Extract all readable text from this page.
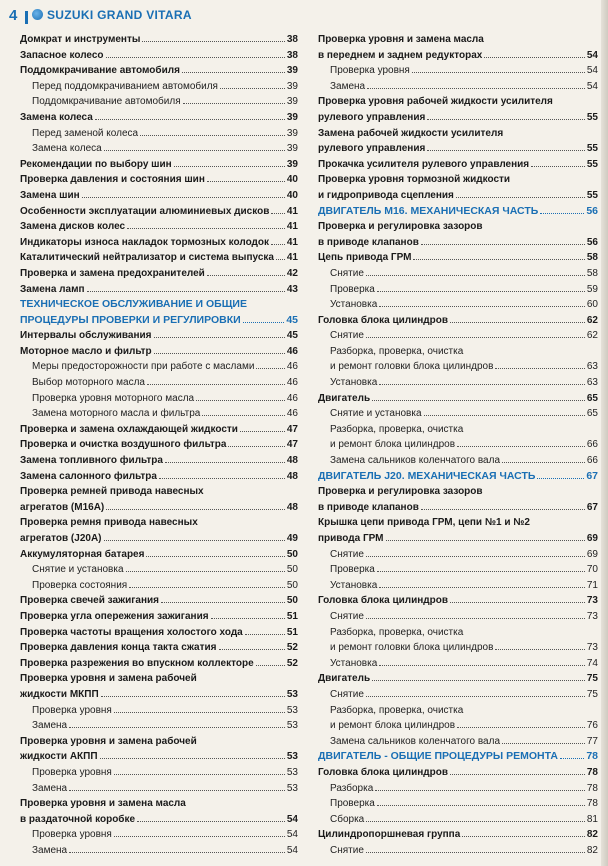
4 SUZUKI GRAND VITARA
Домкрат и инструменты	38
Запасное колесо	38
Поддомкрачивание автомобиля	39
Перед поддомкрачиванием автомобиля	39
Поддомкрачивание автомобиля	39
Замена колеса	39
Перед заменой колеса	39
Замена колеса	39
Рекомендации по выбору шин	39
Проверка давления и состояния шин	40
Замена шин	40
Особенности эксплуатации алюминиевых дисков 41
Замена дисков колес	41
Индикаторы износа накладок тормозных колодок 41
Каталитический нейтрализатор и система выпуска 41
Проверка и замена предохранителей	42
Замена ламп	43
ТЕХНИЧЕСКОЕ ОБСЛУЖИВАНИЕ И ОБЩИЕ
ПРОЦЕДУРЫ ПРОВЕРКИ И РЕГУЛИРОВКИ	45
Интервалы обслуживания	45
Моторное масло и фильтр	46
Меры предосторожности при работе с маслами	46
Выбор моторного масла	46
Проверка уровня моторного масла	46
Замена моторного масла и фильтра	46
Проверка и замена охлаждающей жидкости	47
Проверка и очистка воздушного фильтра	47
Замена топливного фильтра	48
Замена салонного фильтра	48
Проверка ремней привода навесных
агрегатов (M16A)	48
Проверка ремня привода навесных
агрегатов (J20A)	49
Аккумуляторная батарея	50
Снятие и установка	50
Проверка состояния	50
Проверка свечей зажигания	50
Проверка угла опережения зажигания	51
Проверка частоты вращения холостого хода	51
Проверка давления конца такта сжатия	52
Проверка разрежения во впускном коллекторе	52
Проверка уровня и замена рабочей
жидкости МКПП	53
Проверка уровня	53
Замена	53
Проверка уровня и замена рабочей
жидкости АКПП	53
Проверка уровня	53
Замена	53
Проверка уровня и замена масла
в раздаточной коробке	54
Проверка уровня	54
Замена	54
Проверка уровня и замена масла
в переднем и заднем редукторах	54
Проверка уровня	54
Замена	54
Проверка уровня рабочей жидкости усилителя
рулевого управления	55
Замена рабочей жидкости усилителя
рулевого управления	55
Прокачка усилителя рулевого управления	55
Проверка уровня тормозной жидкости
и гидропривода сцепления	55
ДВИГАТЕЛЬ M16. МЕХАНИЧЕСКАЯ ЧАСТЬ	56
Проверка и регулировка зазоров
в приводе клапанов	56
Цепь привода ГРМ	58
Снятие	58
Проверка	59
Установка	60
Головка блока цилиндров	62
Снятие	62
Разборка, проверка, очистка
и ремонт головки блока цилиндров	63
Установка	63
Двигатель	65
Снятие и установка	65
Разборка, проверка, очистка
и ремонт блока цилиндров	66
Замена сальников коленчатого вала	66
ДВИГАТЕЛЬ J20. МЕХАНИЧЕСКАЯ ЧАСТЬ	67
Проверка и регулировка зазоров
в приводе клапанов	67
Крышка цепи привода ГРМ, цепи №1 и №2
привода ГРМ	69
Снятие	69
Проверка	70
Установка	71
Головка блока цилиндров	73
Снятие	73
Разборка, проверка, очистка
и ремонт головки блока цилиндров	73
Установка	74
Двигатель	75
Снятие	75
Разборка, проверка, очистка
и ремонт блока цилиндров	76
Замена сальников коленчатого вала	77
ДВИГАТЕЛЬ - ОБЩИЕ ПРОЦЕДУРЫ РЕМОНТА	78
Головка блока цилиндров	78
Разборка	78
Проверка	78
Сборка	81
Цилиндропоршневая группа	82
Снятие	82
